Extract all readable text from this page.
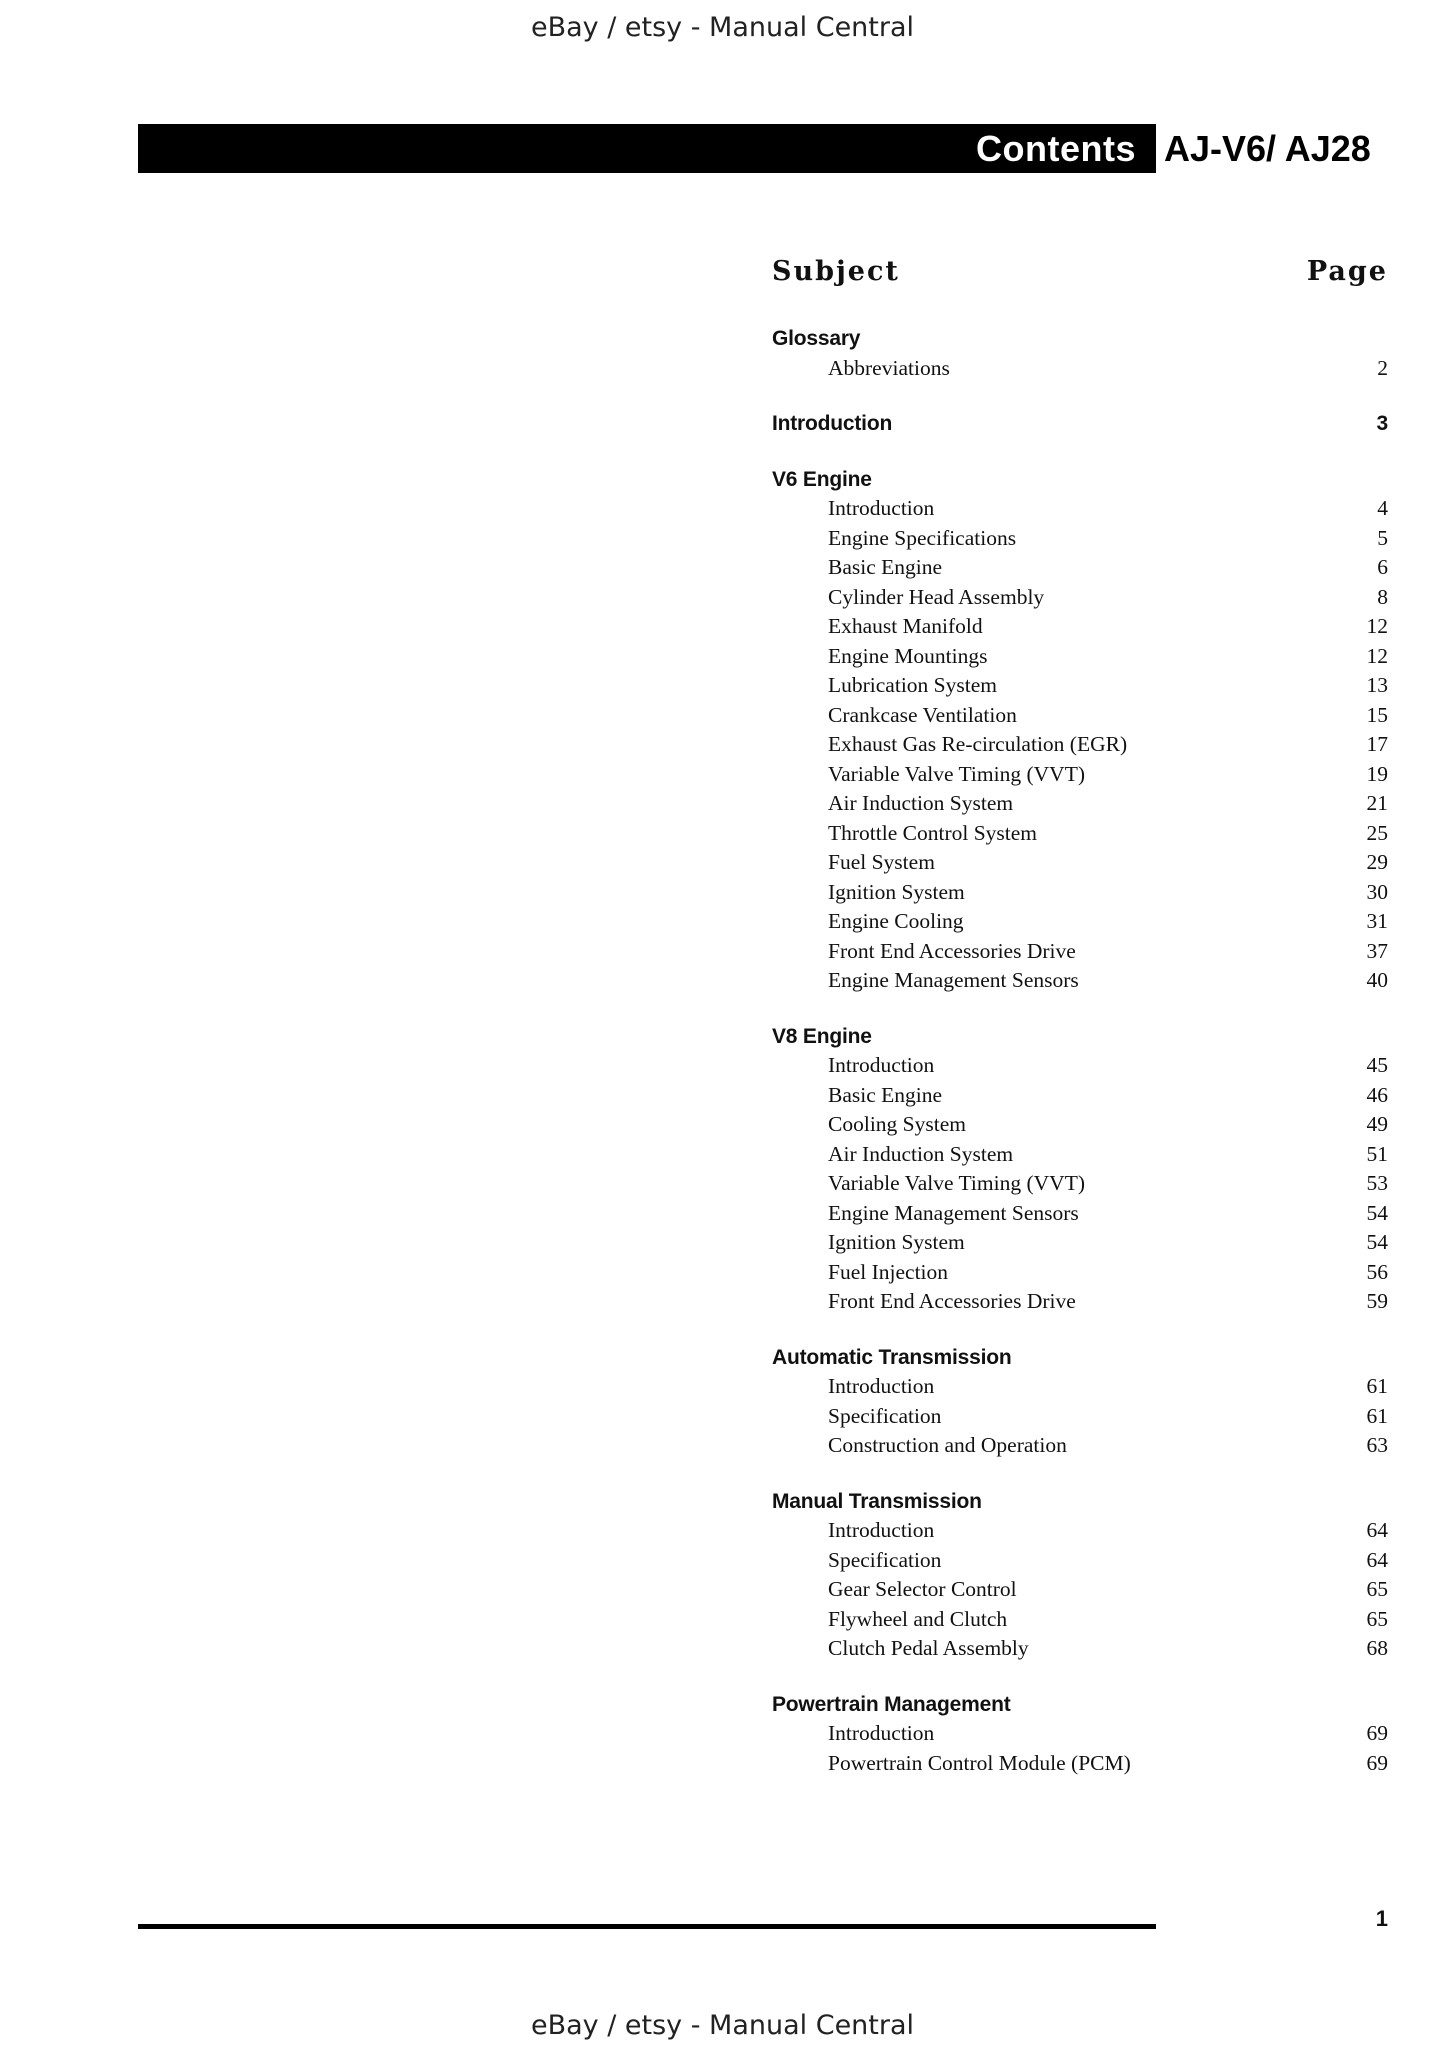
eBay / etsy - Manual Central
Contents AJ-V6/ AJ28
Subject	Page
Glossary
Abbreviations	2
Introduction	3
V6 Engine
Introduction	4
Engine Specifications	5
Basic Engine	6
Cylinder Head Assembly	8
Exhaust Manifold	12
Engine Mountings	12
Lubrication System	13
Crankcase Ventilation	15
Exhaust Gas Re-circulation (EGR)	17
Variable Valve Timing (VVT)	19
Air Induction System	21
Throttle Control System	25
Fuel System	29
Ignition System	30
Engine Cooling	31
Front End Accessories Drive	37
Engine Management Sensors	40
V8 Engine
Introduction	45
Basic Engine	46
Cooling System	49
Air Induction System	51
Variable Valve Timing (VVT)	53
Engine Management Sensors	54
Ignition System	54
Fuel Injection	56
Front End Accessories Drive	59
Automatic Transmission
Introduction	61
Specification	61
Construction and Operation	63
Manual Transmission
Introduction	64
Specification	64
Gear Selector Control	65
Flywheel and Clutch	65
Clutch Pedal Assembly	68
Powertrain Management
Introduction	69
Powertrain Control Module (PCM)	69
1
eBay / etsy - Manual Central
